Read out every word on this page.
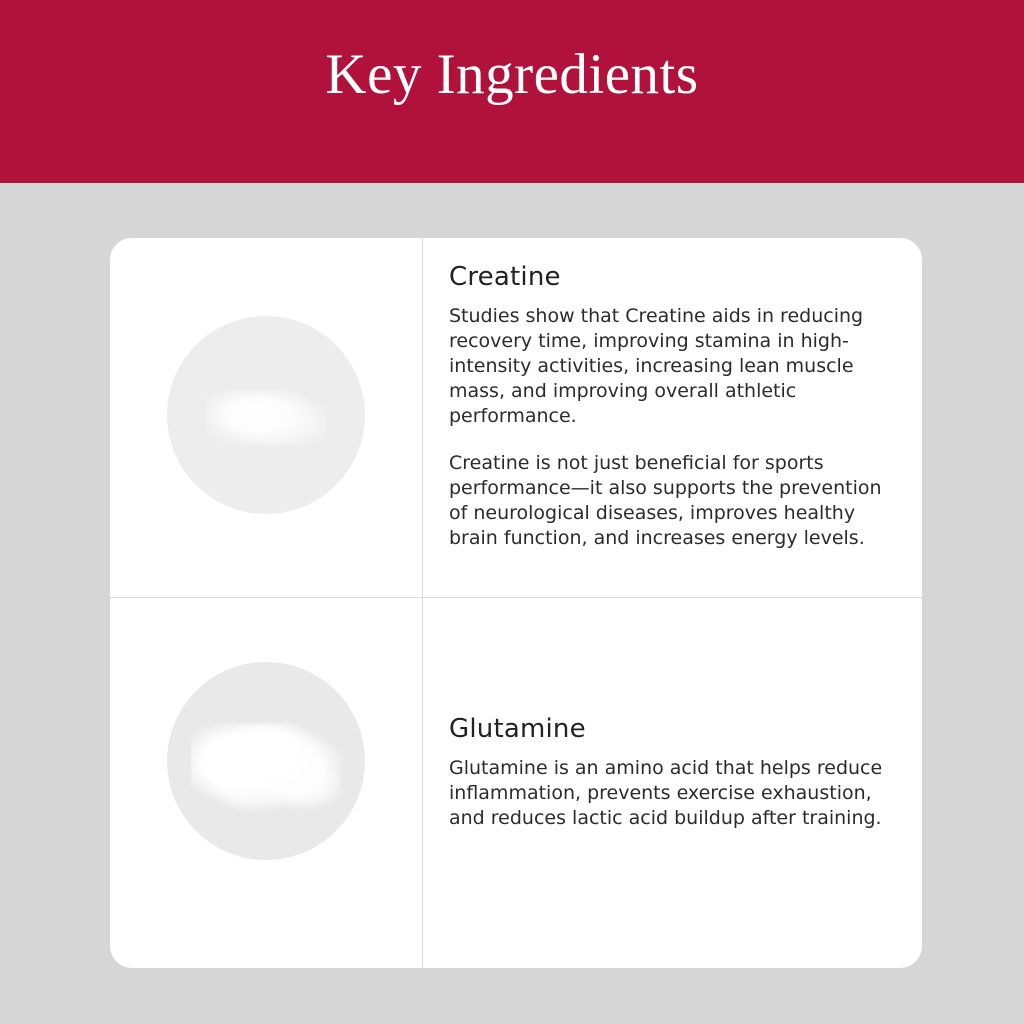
Key Ingredients
Creatine

Studies show that Creatine aids in reducing recovery time, improving stamina in high-intensity activities, increasing lean muscle mass, and improving overall athletic performance.

Creatine is not just beneficial for sports performance—it also supports the prevention of neurological diseases, improves healthy brain function, and increases energy levels.

Glutamine

Glutamine is an amino acid that helps reduce inflammation, prevents exercise exhaustion, and reduces lactic acid buildup after training.
